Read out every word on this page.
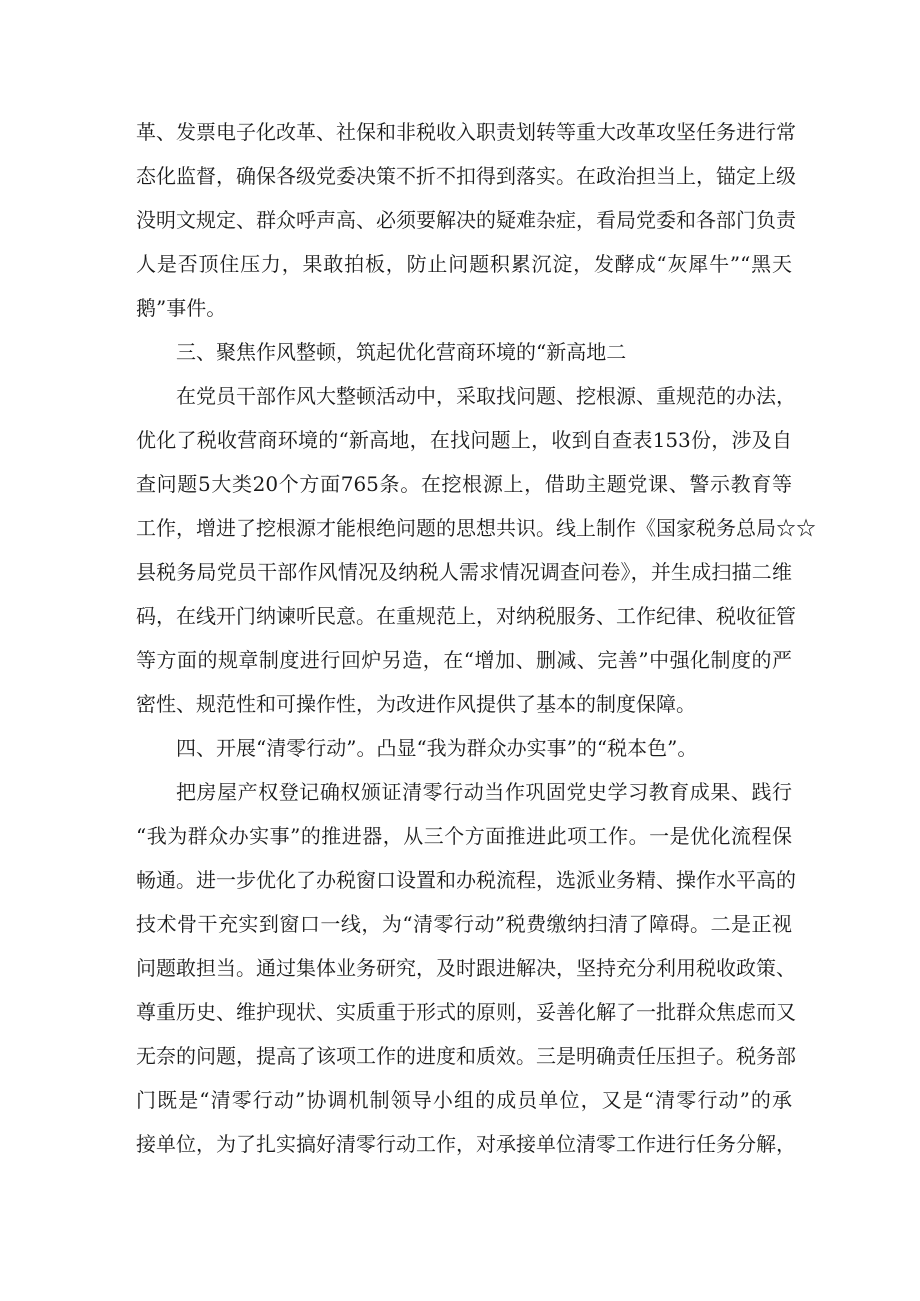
革、发票电子化改革、社保和非税收入职责划转等重大改革攻坚任务进行常
态化监督，确保各级党委决策不折不扣得到落实。在政治担当上，锚定上级
没明文规定、群众呼声高、必须要解决的疑难杂症，看局党委和各部门负责
人是否顶住压力，果敢拍板，防止问题积累沉淀，发酵成“灰犀牛”“黑天
鹅”事件。
三、聚焦作风整顿，筑起优化营商环境的“新高地二
在党员干部作风大整顿活动中，采取找问题、挖根源、重规范的办法，
优化了税收营商环境的“新高地，在找问题上，收到自查表153份，涉及自
查问题5大类20个方面765条。在挖根源上，借助主题党课、警示教育等
工作，增进了挖根源才能根绝问题的思想共识。线上制作《国家税务总局☆☆
县税务局党员干部作风情况及纳税人需求情况调查问卷》，并生成扫描二维
码，在线开门纳谏听民意。在重规范上，对纳税服务、工作纪律、税收征管
等方面的规章制度进行回炉另造，在“增加、删减、完善”中强化制度的严
密性、规范性和可操作性，为改进作风提供了基本的制度保障。
四、开展“清零行动”。凸显“我为群众办实事”的“税本色”。
把房屋产权登记确权颁证清零行动当作巩固党史学习教育成果、践行
“我为群众办实事”的推进器，从三个方面推进此项工作。一是优化流程保
畅通。进一步优化了办税窗口设置和办税流程，选派业务精、操作水平高的
技术骨干充实到窗口一线，为“清零行动”税费缴纳扫清了障碍。二是正视
问题敢担当。通过集体业务研究，及时跟进解决，坚持充分利用税收政策、
尊重历史、维护现状、实质重于形式的原则，妥善化解了一批群众焦虑而又
无奈的问题，提高了该项工作的进度和质效。三是明确责任压担子。税务部
门既是“清零行动”协调机制领导小组的成员单位，又是“清零行动”的承
接单位，为了扎实搞好清零行动工作，对承接单位清零工作进行任务分解，
